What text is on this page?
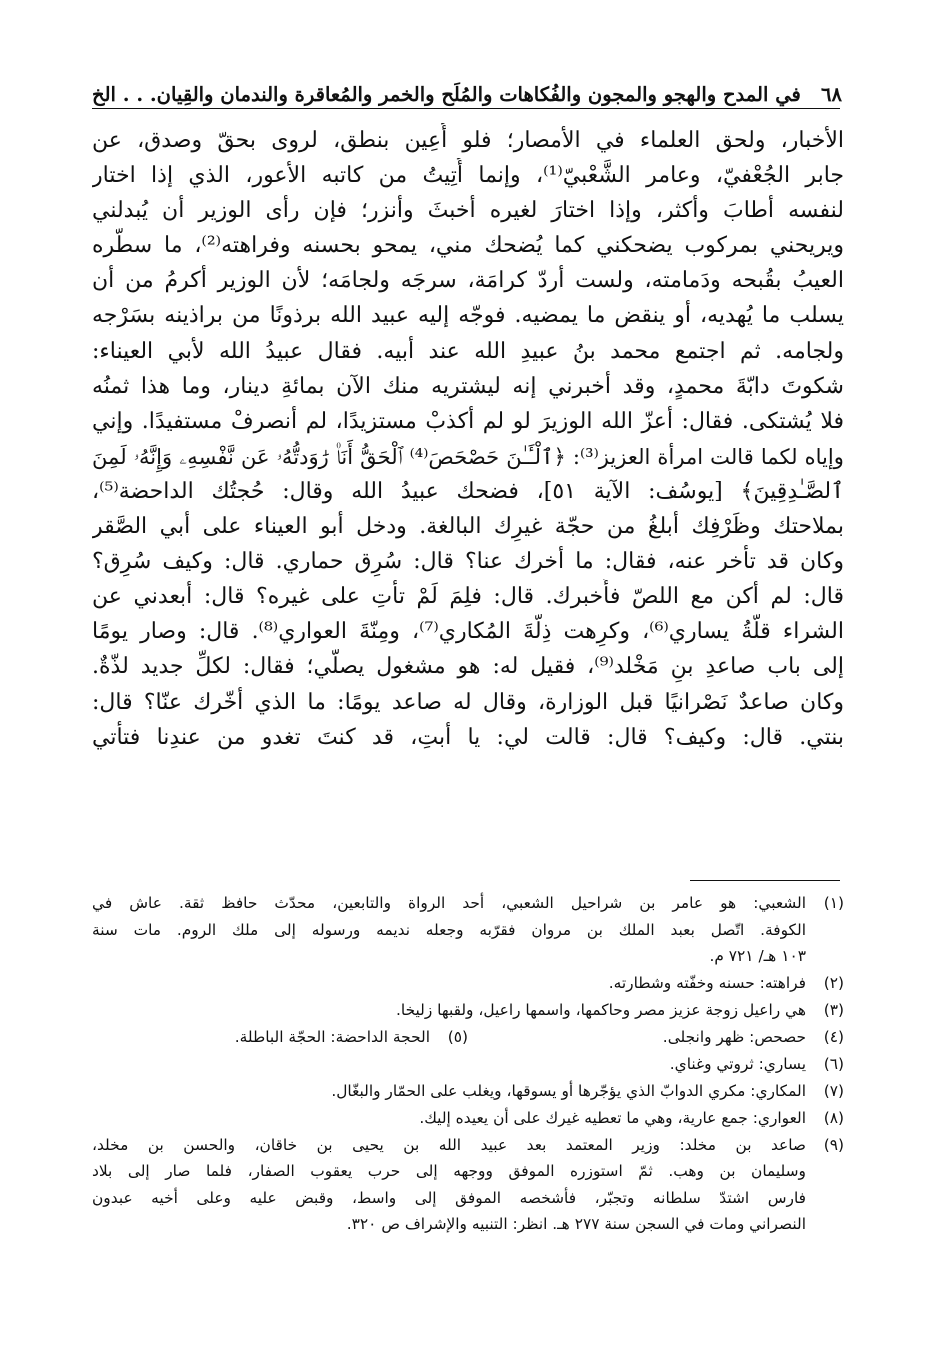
٦٨
في المدح والهجو والمجون والفُكاهات والمُلَح والخمر والمُعاقرة والندمان والقِيان. . . الخ
الأخبار، ولحق العلماء في الأمصار؛ فلو أُعِين بنطق، لروى بحقّ وصدق، عن
جابر الجُعْفيّ، وعامر الشَّعْبيّ⁽¹⁾، وإنما أُتِيتُ من كاتبه الأعور، الذي إذا اختار
لنفسه أطابَ وأكثر، وإذا اختارَ لغيره أخبثَ وأنزر؛ فإن رأى الوزير أن يُبدلني
ويريحني بمركوب يضحكني كما يُضحك مني، يمحو بحسنه وفراهته⁽²⁾، ما سطّره
العيبُ بقُبحه ودَمامته، ولست أردّ كرامَة، سرجَه ولجامَه؛ لأن الوزير أكرمُ من أن
يسلب ما يُهديه، أو ينقض ما يمضيه. فوجّه إليه عبيد الله برذونًا من براذينه بسَرْجه
ولجامه. ثم اجتمع محمد بنُ عبيدِ الله عند أبيه. فقال عبيدُ الله لأبي العيناء:
شكوتَ دابّةَ محمدٍ، وقد أخبرني إنه ليشتريه منك الآن بمائةِ دينار، وما هذا ثمنُه
فلا يُشتكى. فقال: أعزّ الله الوزيرَ لو لم أكذبْ مستزيدًا، لم أنصرفْ مستفيدًا. وإني
وإياه لكما قالت امرأة العزيز⁽³⁾: ﴿ٱلْـَٔـٰنَ حَصْحَصَ⁽⁴⁾ ٱلْحَقُّ أَنَا۠ رَٰوَدتُّهُۥ عَن نَّفْسِهِۦ وَإِنَّهُۥ لَمِنَ
ٱلصَّـٰدِقِينَ﴾ [يوسُف: الآية ٥١]، فضحك عبيدُ الله وقال: حُجتُك الداحضة⁽⁵⁾،
بملاحتك وظَرْفِك أبلغُ من حجّة غيرِك البالغة. ودخل أبو العيناء على أبي الصَّقر
وكان قد تأخر عنه، فقال: ما أخرك عنا؟ قال: سُرِق حماري. قال: وكيف سُرِق؟
قال: لم أكن مع اللصّ فأُخبرك. قال: فلِمَ لَمْ تأتِ على غيره؟ قال: أبعدني عن
الشراء قلّةُ يساري⁽⁶⁾، وكرِهت ذِلّةَ المُكاري⁽⁷⁾، ومِنّةَ العواري⁽⁸⁾. قال: وصار يومًا
إلى باب صاعدِ بنِ مَخْلد⁽⁹⁾، فقيل له: هو مشغول يصلّي؛ فقال: لكلِّ جديد لذّةٌ.
وكان صاعدٌ نَصْرانيًا قبل الوزارة، وقال له صاعد يومًا: ما الذي أخّرك عنّا؟ قال:
بنتي. قال: وكيف؟ قال: قالت لي: يا أبتِ، قد كنتَ تغدو من عندِنا فتأتي
(١)
الشعبي: هو عامر بن شراحيل الشعبي، أحد الرواة والتابعين، محدّث حافظ ثقة. عاش في
الكوفة. اتّصل بعبد الملك بن مروان فقرّبه وجعله نديمه ورسوله إلى ملك الروم. مات سنة
١٠٣ هـ/ ٧٢١ م.
(٢)
فراهته: حسنه وخفّته وشطارته.
(٣)
هي راعيل زوجة عزيز مصر وحاكمها، واسمها راعيل، ولقبها زليخا.
(٤)
حصحص: ظهر وانجلى.
(٥)
الحجة الداحضة: الحجّة الباطلة.
(٦)
يساري: ثروتي وغناي.
(٧)
المكاري: مكري الدوابّ الذي يؤجّرها أو يسوقها، ويغلب على الحمّار والبغّال.
(٨)
العواري: جمع عارية، وهي ما تعطيه غيرك على أن يعيده إليك.
(٩)
صاعد بن مخلد: وزير المعتمد بعد عبيد الله بن يحيى بن خاقان، والحسن بن مخلد،
وسليمان بن وهب. ثمّ استوزره الموفق ووجهه إلى حرب يعقوب الصفار، فلما صار إلى بلاد
فارس اشتدّ سلطانه وتجبّر، فأشخصه الموفق إلى واسط، وقبض عليه وعلى أخيه عبدون
النصراني ومات في السجن سنة ٢٧٧ هـ. انظر: التنبيه والإشراف ص ٣٢٠.
